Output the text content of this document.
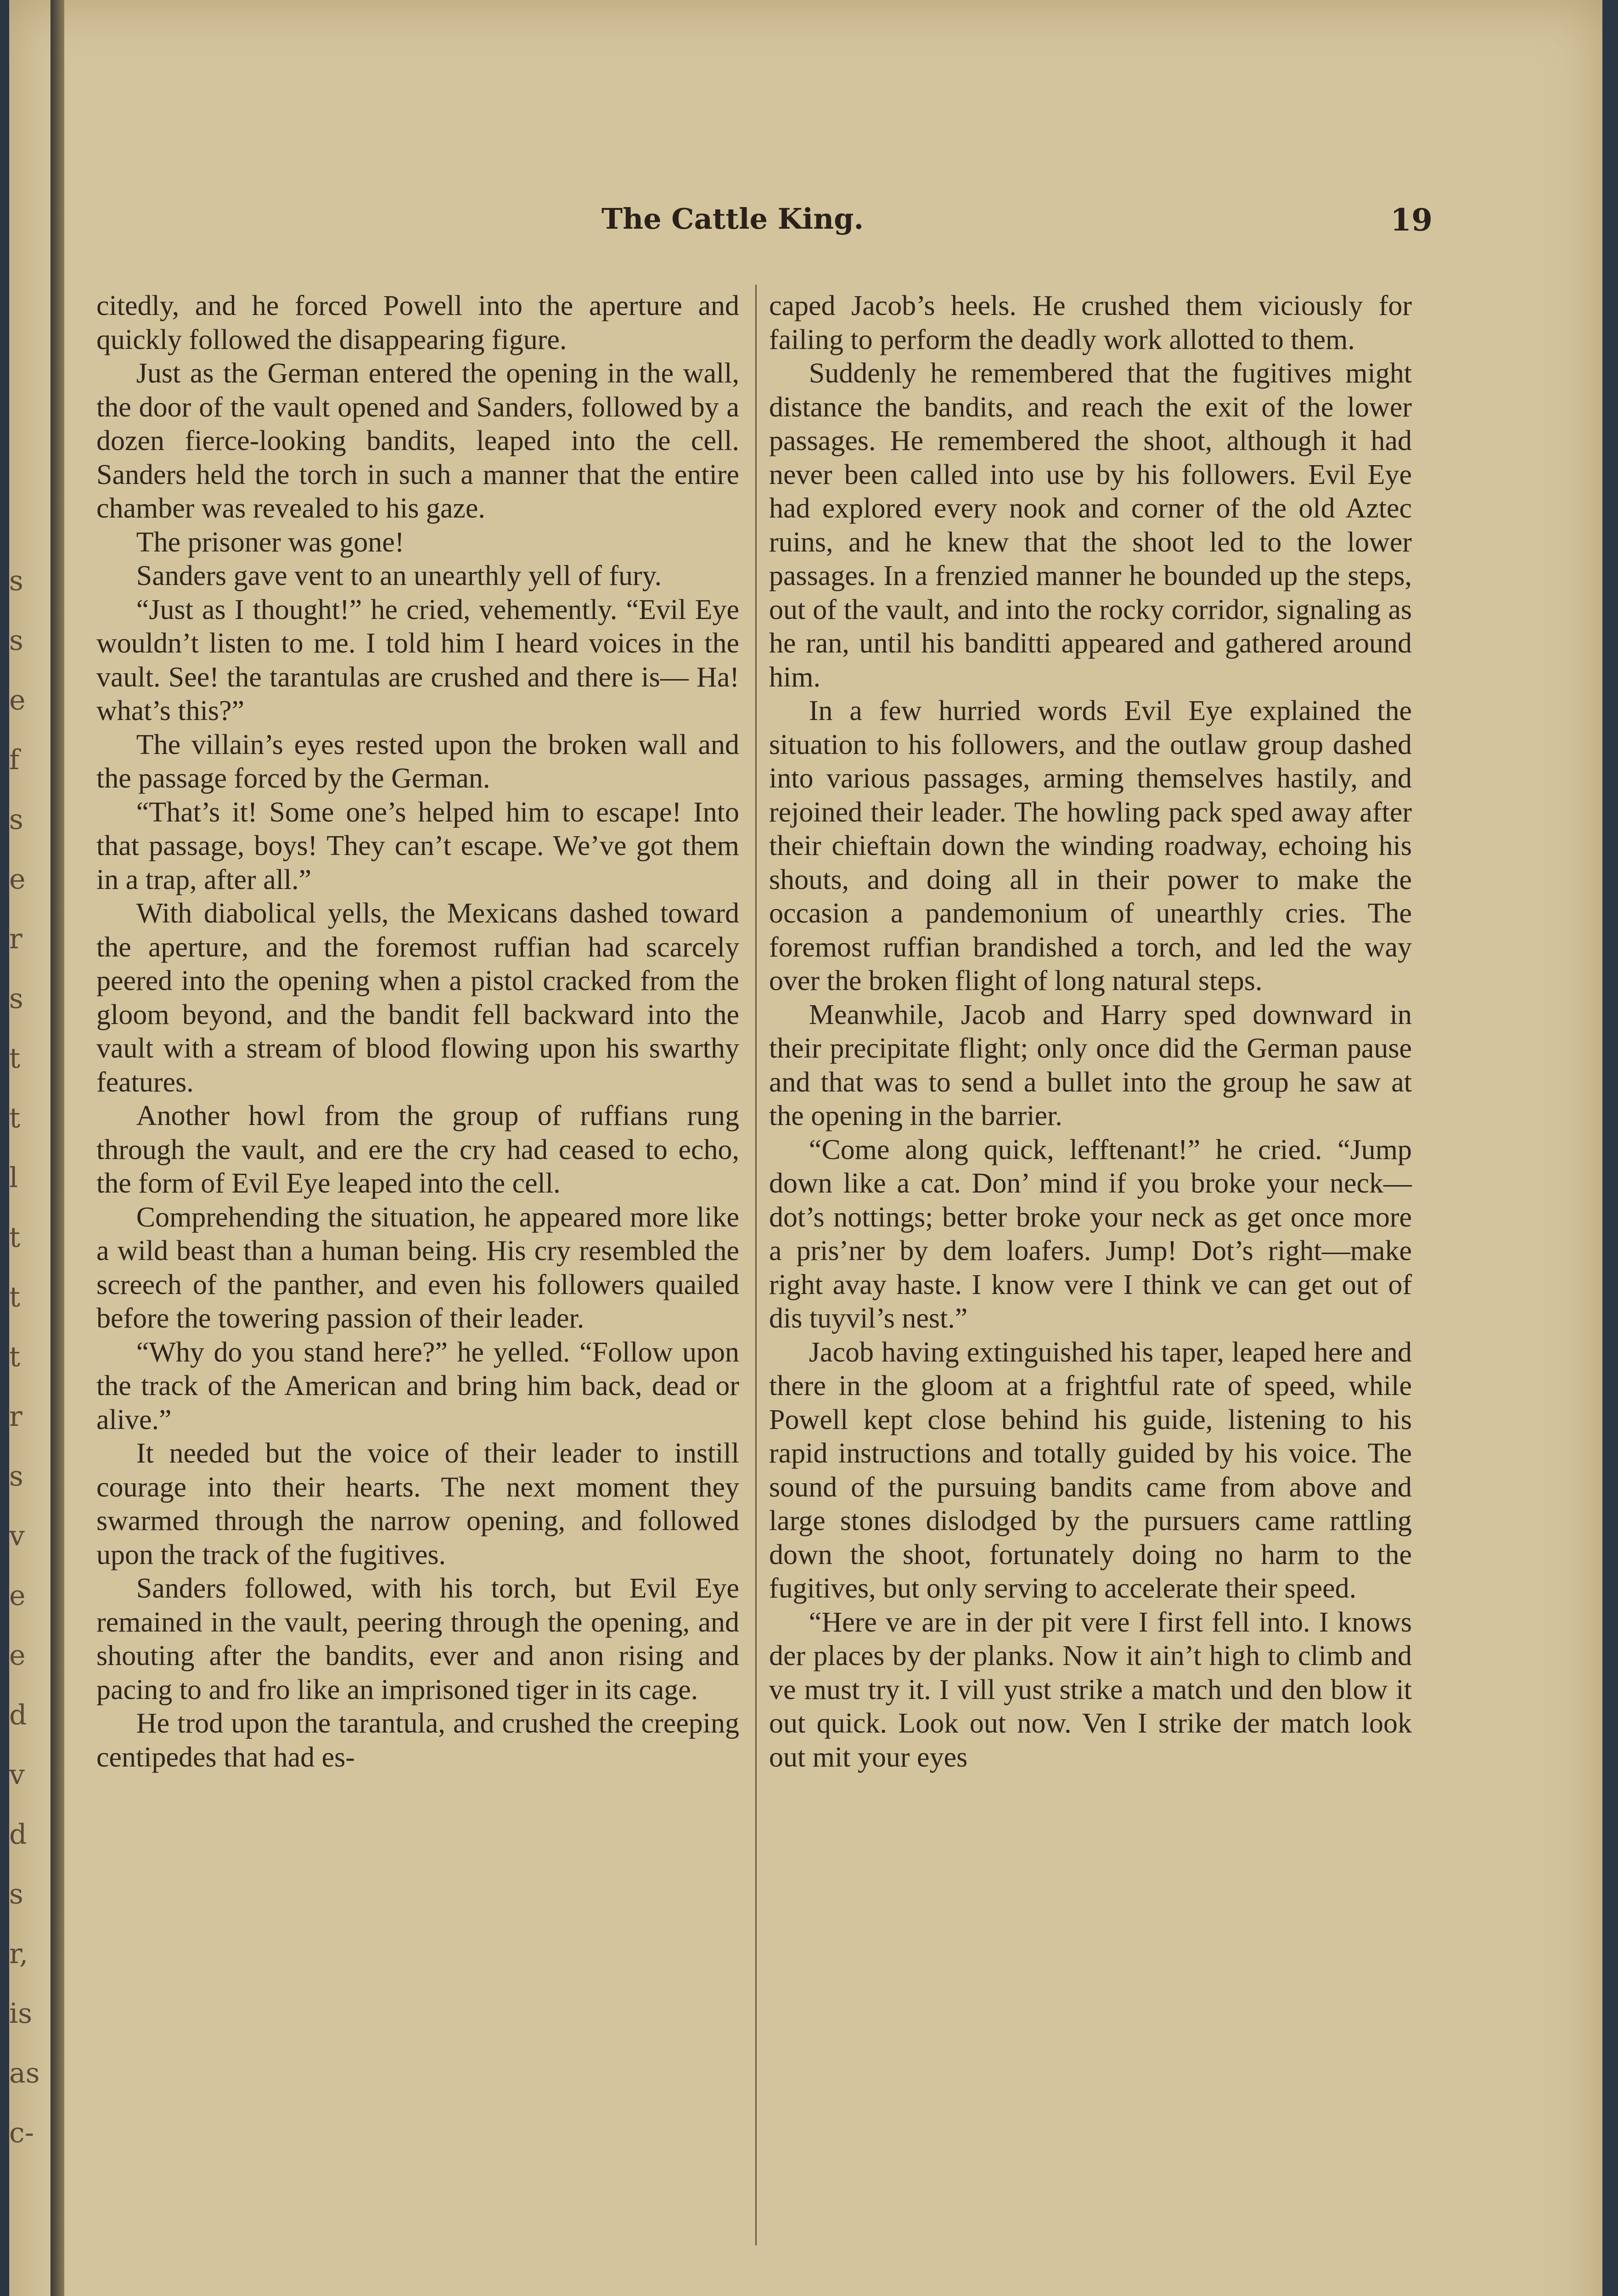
s
s
e
f
s
e
r
s
t
t
l
t
t
t
r
s
v
e
e
d
v
d
s
r,
is
as
c-
The Cattle King.	19

citedly, and he forced Powell into the aperture and quickly followed the disappearing figure.

Just as the German entered the opening in the wall, the door of the vault opened and Sanders, followed by a dozen fierce-looking bandits, leaped into the cell. Sanders held the torch in such a manner that the entire chamber was revealed to his gaze.

The prisoner was gone!

Sanders gave vent to an unearthly yell of fury.

“Just as I thought!” he cried, vehemently. “Evil Eye wouldn’t listen to me. I told him I heard voices in the vault. See! the tarantulas are crushed and there is— Ha! what’s this?”

The villain’s eyes rested upon the broken wall and the passage forced by the German.

“That’s it! Some one’s helped him to escape! Into that passage, boys! They can’t escape. We’ve got them in a trap, after all.”

With diabolical yells, the Mexicans dashed toward the aperture, and the foremost ruffian had scarcely peered into the opening when a pistol cracked from the gloom beyond, and the bandit fell backward into the vault with a stream of blood flowing upon his swarthy features.

Another howl from the group of ruffians rung through the vault, and ere the cry had ceased to echo, the form of Evil Eye leaped into the cell.

Comprehending the situation, he appeared more like a wild beast than a human being. His cry resembled the screech of the panther, and even his followers quailed before the towering passion of their leader.

“Why do you stand here?” he yelled. “Follow upon the track of the American and bring him back, dead or alive.”

It needed but the voice of their leader to instill courage into their hearts. The next moment they swarmed through the narrow opening, and followed upon the track of the fugitives.

Sanders followed, with his torch, but Evil Eye remained in the vault, peering through the opening, and shouting after the bandits, ever and anon rising and pacing to and fro like an imprisoned tiger in its cage.

He trod upon the tarantula, and crushed the creeping centipedes that had es-

caped Jacob’s heels. He crushed them viciously for failing to perform the deadly work allotted to them.

Suddenly he remembered that the fugitives might distance the bandits, and reach the exit of the lower passages. He remembered the shoot, although it had never been called into use by his followers. Evil Eye had explored every nook and corner of the old Aztec ruins, and he knew that the shoot led to the lower passages. In a frenzied manner he bounded up the steps, out of the vault, and into the rocky corridor, signaling as he ran, until his banditti appeared and gathered around him.

In a few hurried words Evil Eye explained the situation to his followers, and the outlaw group dashed into various passages, arming themselves hastily, and rejoined their leader. The howling pack sped away after their chieftain down the winding roadway, echoing his shouts, and doing all in their power to make the occasion a pandemonium of unearthly cries. The foremost ruffian brandished a torch, and led the way over the broken flight of long natural steps.

Meanwhile, Jacob and Harry sped downward in their precipitate flight; only once did the German pause and that was to send a bullet into the group he saw at the opening in the barrier.

“Come along quick, lefftenant!” he cried. “Jump down like a cat. Don’ mind if you broke your neck—dot’s nottings; better broke your neck as get once more a pris’ner by dem loafers. Jump! Dot’s right—make right avay haste. I know vere I think ve can get out of dis tuyvil’s nest.”

Jacob having extinguished his taper, leaped here and there in the gloom at a frightful rate of speed, while Powell kept close behind his guide, listening to his rapid instructions and totally guided by his voice. The sound of the pursuing bandits came from above and large stones dislodged by the pursuers came rattling down the shoot, fortunately doing no harm to the fugitives, but only serving to accelerate their speed.

“Here ve are in der pit vere I first fell into. I knows der places by der planks. Now it ain’t high to climb and ve must try it. I vill yust strike a match und den blow it out quick. Look out now. Ven I strike der match look out mit your eyes
